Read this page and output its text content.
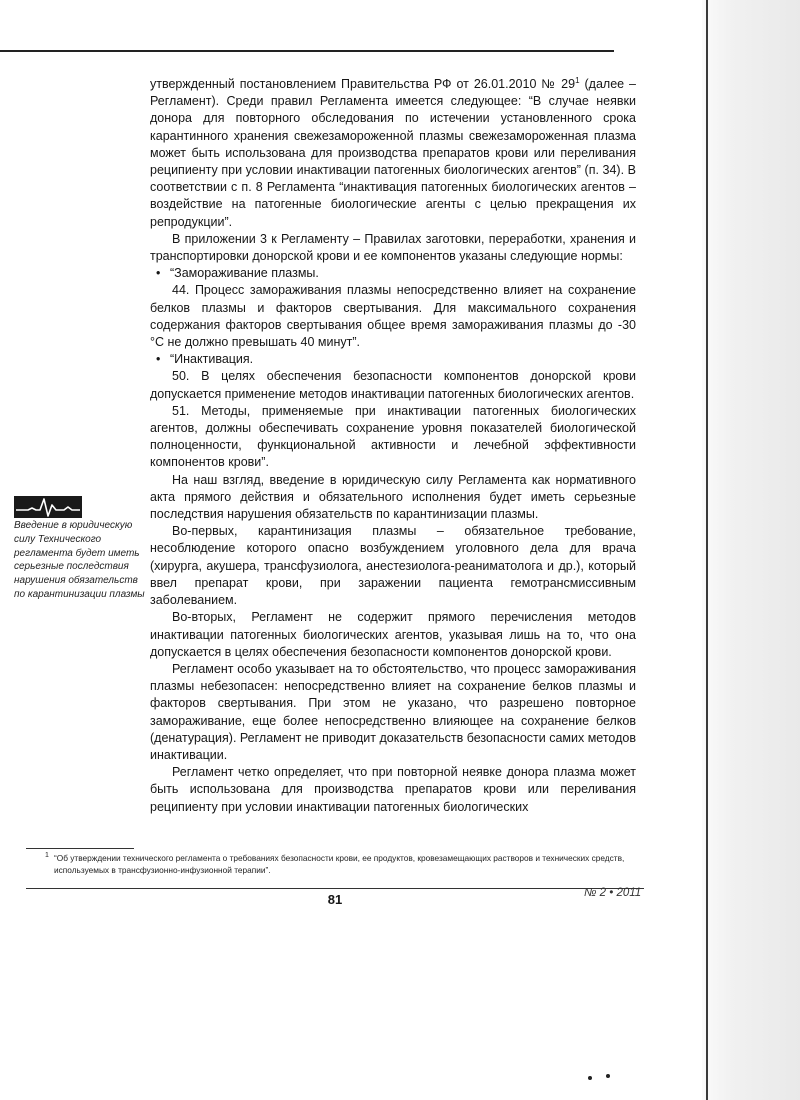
утвержденный постановлением Правительства РФ от 26.01.2010 № $29^1$ (далее – Регламент). Среди правил Регламента имеется следующее: “В случае неявки донора для повторного обследования по истечении установленного срока карантинного хранения свежезамороженной плазмы свежезамороженная плазма может быть использована для производства препаратов крови или переливания реципиенту при условии инактивации патогенных биологических агентов” (п. 34). В соответствии с п. 8 Регламента “инактивация патогенных биологических агентов – воздействие на патогенные биологические агенты с целью прекращения их репродукции”.

В приложении 3 к Регламенту – Правилах заготовки, переработки, хранения и транспортировки донорской крови и ее компонентов указаны следующие нормы:

• “Замораживание плазмы.

44. Процесс замораживания плазмы непосредственно влияет на сохранение белков плазмы и факторов свертывания. Для максимального сохранения содержания факторов свертывания общее время замораживания плазмы до -30 °С не должно превышать 40 минут”.

• “Инактивация.

50. В целях обеспечения безопасности компонентов донорской крови допускается применение методов инактивации патогенных биологических агентов.

51. Методы, применяемые при инактивации патогенных биологических агентов, должны обеспечивать сохранение уровня показателей биологической полноценности, функциональной активности и лечебной эффективности компонентов крови”.

На наш взгляд, введение в юридическую силу Регламента как нормативного акта прямого действия и обязательного исполнения будет иметь серьезные последствия нарушения обязательств по карантинизации плазмы.

Во-первых, карантинизация плазмы – обязательное требование, несоблюдение которого опасно возбуждением уголовного дела для врача (хирурга, акушера, трансфузиолога, анестезиолога-реаниматолога и др.), который ввел препарат крови, при заражении пациента гемотрансмиссивным заболеванием.

Во-вторых, Регламент не содержит прямого перечисления методов инактивации патогенных биологических агентов, указывая лишь на то, что она допускается в целях обеспечения безопасности компонентов донорской крови.

Регламент особо указывает на то обстоятельство, что процесс замораживания плазмы небезопасен: непосредственно влияет на сохранение белков плазмы и факторов свертывания. При этом не указано, что разрешено повторное замораживание, еще более непосредственно влияющее на сохранение белков (денатурация). Регламент не приводит доказательств безопасности самих методов инактивации.

Регламент четко определяет, что при повторной неявке донора плазма может быть использована для производства препаратов крови или переливания реципиенту при условии инактивации патогенных биологических

Введение в юридическую силу Технического регламента будет иметь серьезные последствия нарушения обязательств по карантинизации плазмы
1 “Об утверждении технического регламента о требованиях безопасности крови, ее продуктов, кровезамещающих растворов и технических средств, используемых в трансфузионно-инфузионной терапии”.
81	№ 2 • 2011
